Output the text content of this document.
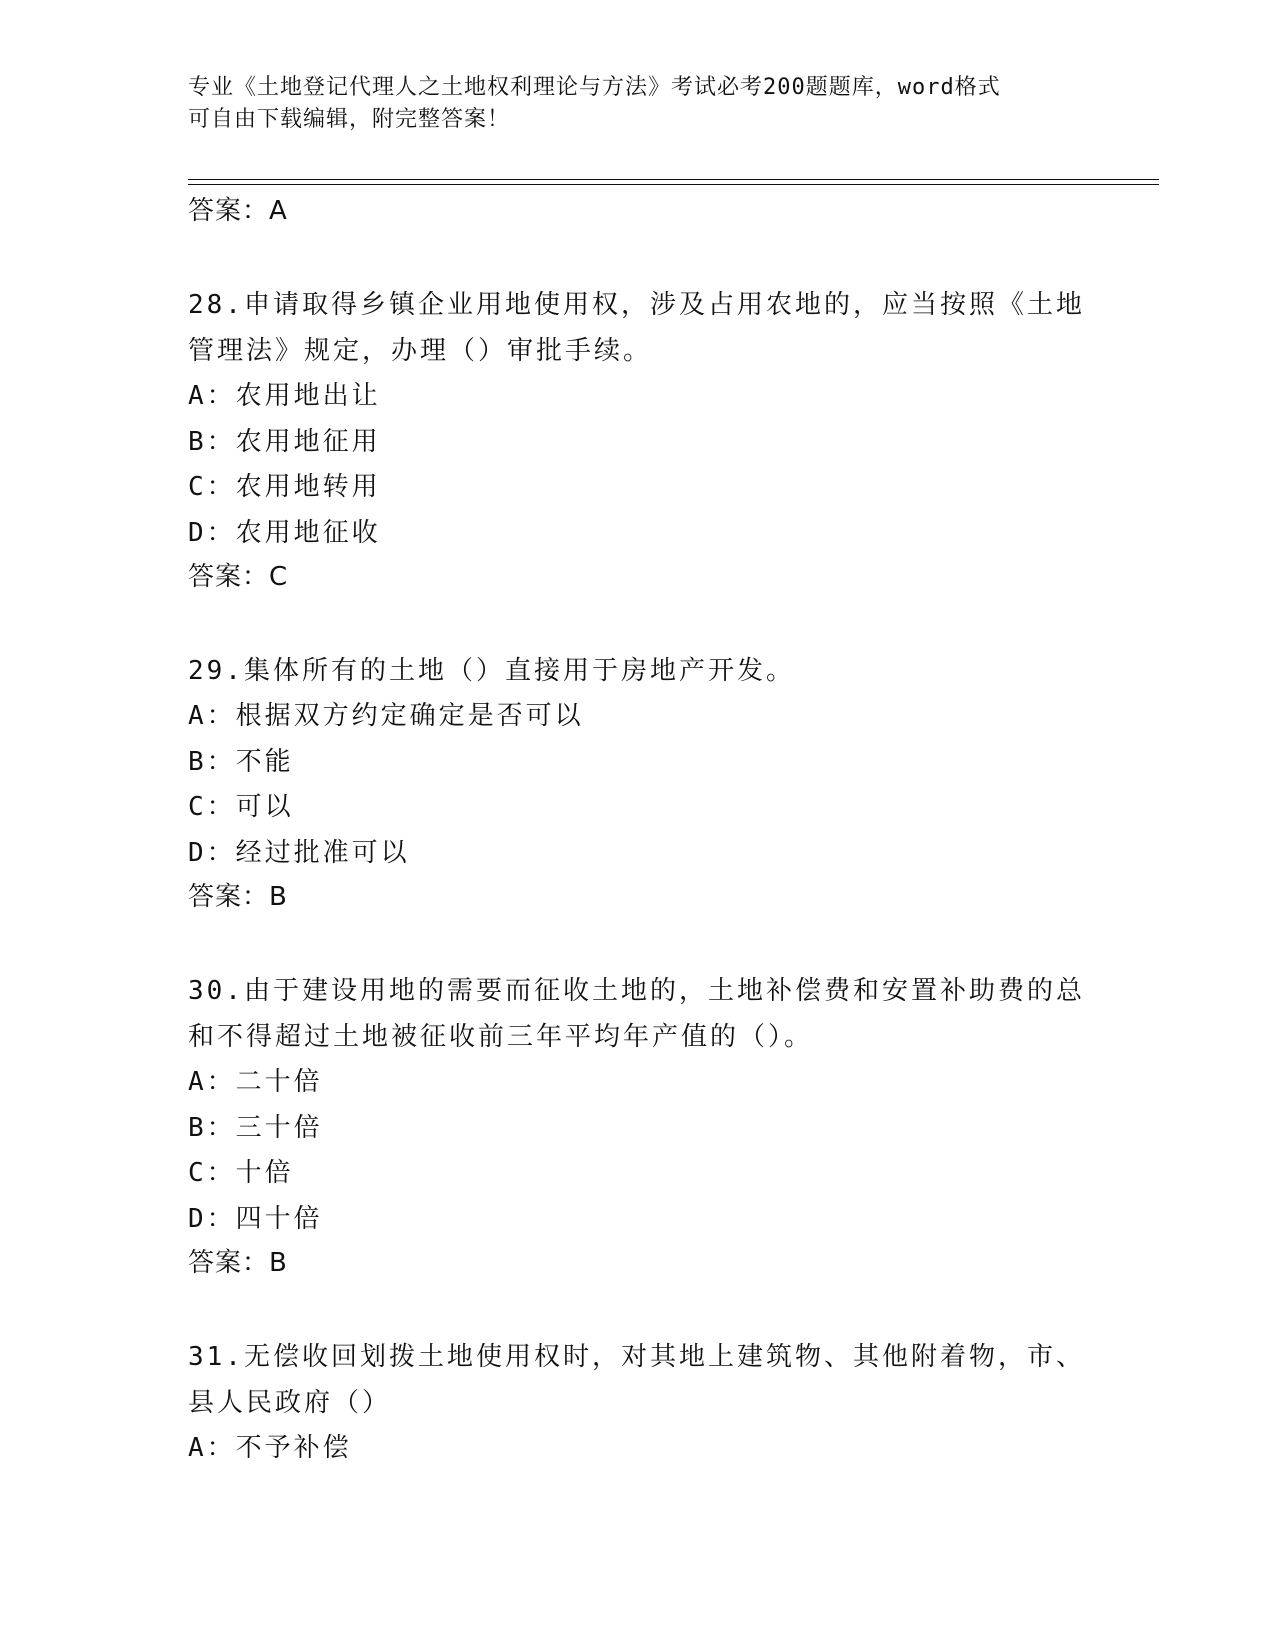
专业《土地登记代理人之土地权利理论与方法》考试必考200题题库，word格式
可自由下载编辑，附完整答案！
答案：A
28.申请取得乡镇企业用地使用权，涉及占用农地的，应当按照《土地
管理法》规定，办理（）审批手续。
A：农用地出让
B：农用地征用
C：农用地转用
D：农用地征收
答案：C
29.集体所有的土地（）直接用于房地产开发。
A：根据双方约定确定是否可以
B：不能
C：可以
D：经过批准可以
答案：B
30.由于建设用地的需要而征收土地的，土地补偿费和安置补助费的总
和不得超过土地被征收前三年平均年产值的（）。
A：二十倍
B：三十倍
C：十倍
D：四十倍
答案：B
31.无偿收回划拨土地使用权时，对其地上建筑物、其他附着物，市、
县人民政府（）
A：不予补偿
